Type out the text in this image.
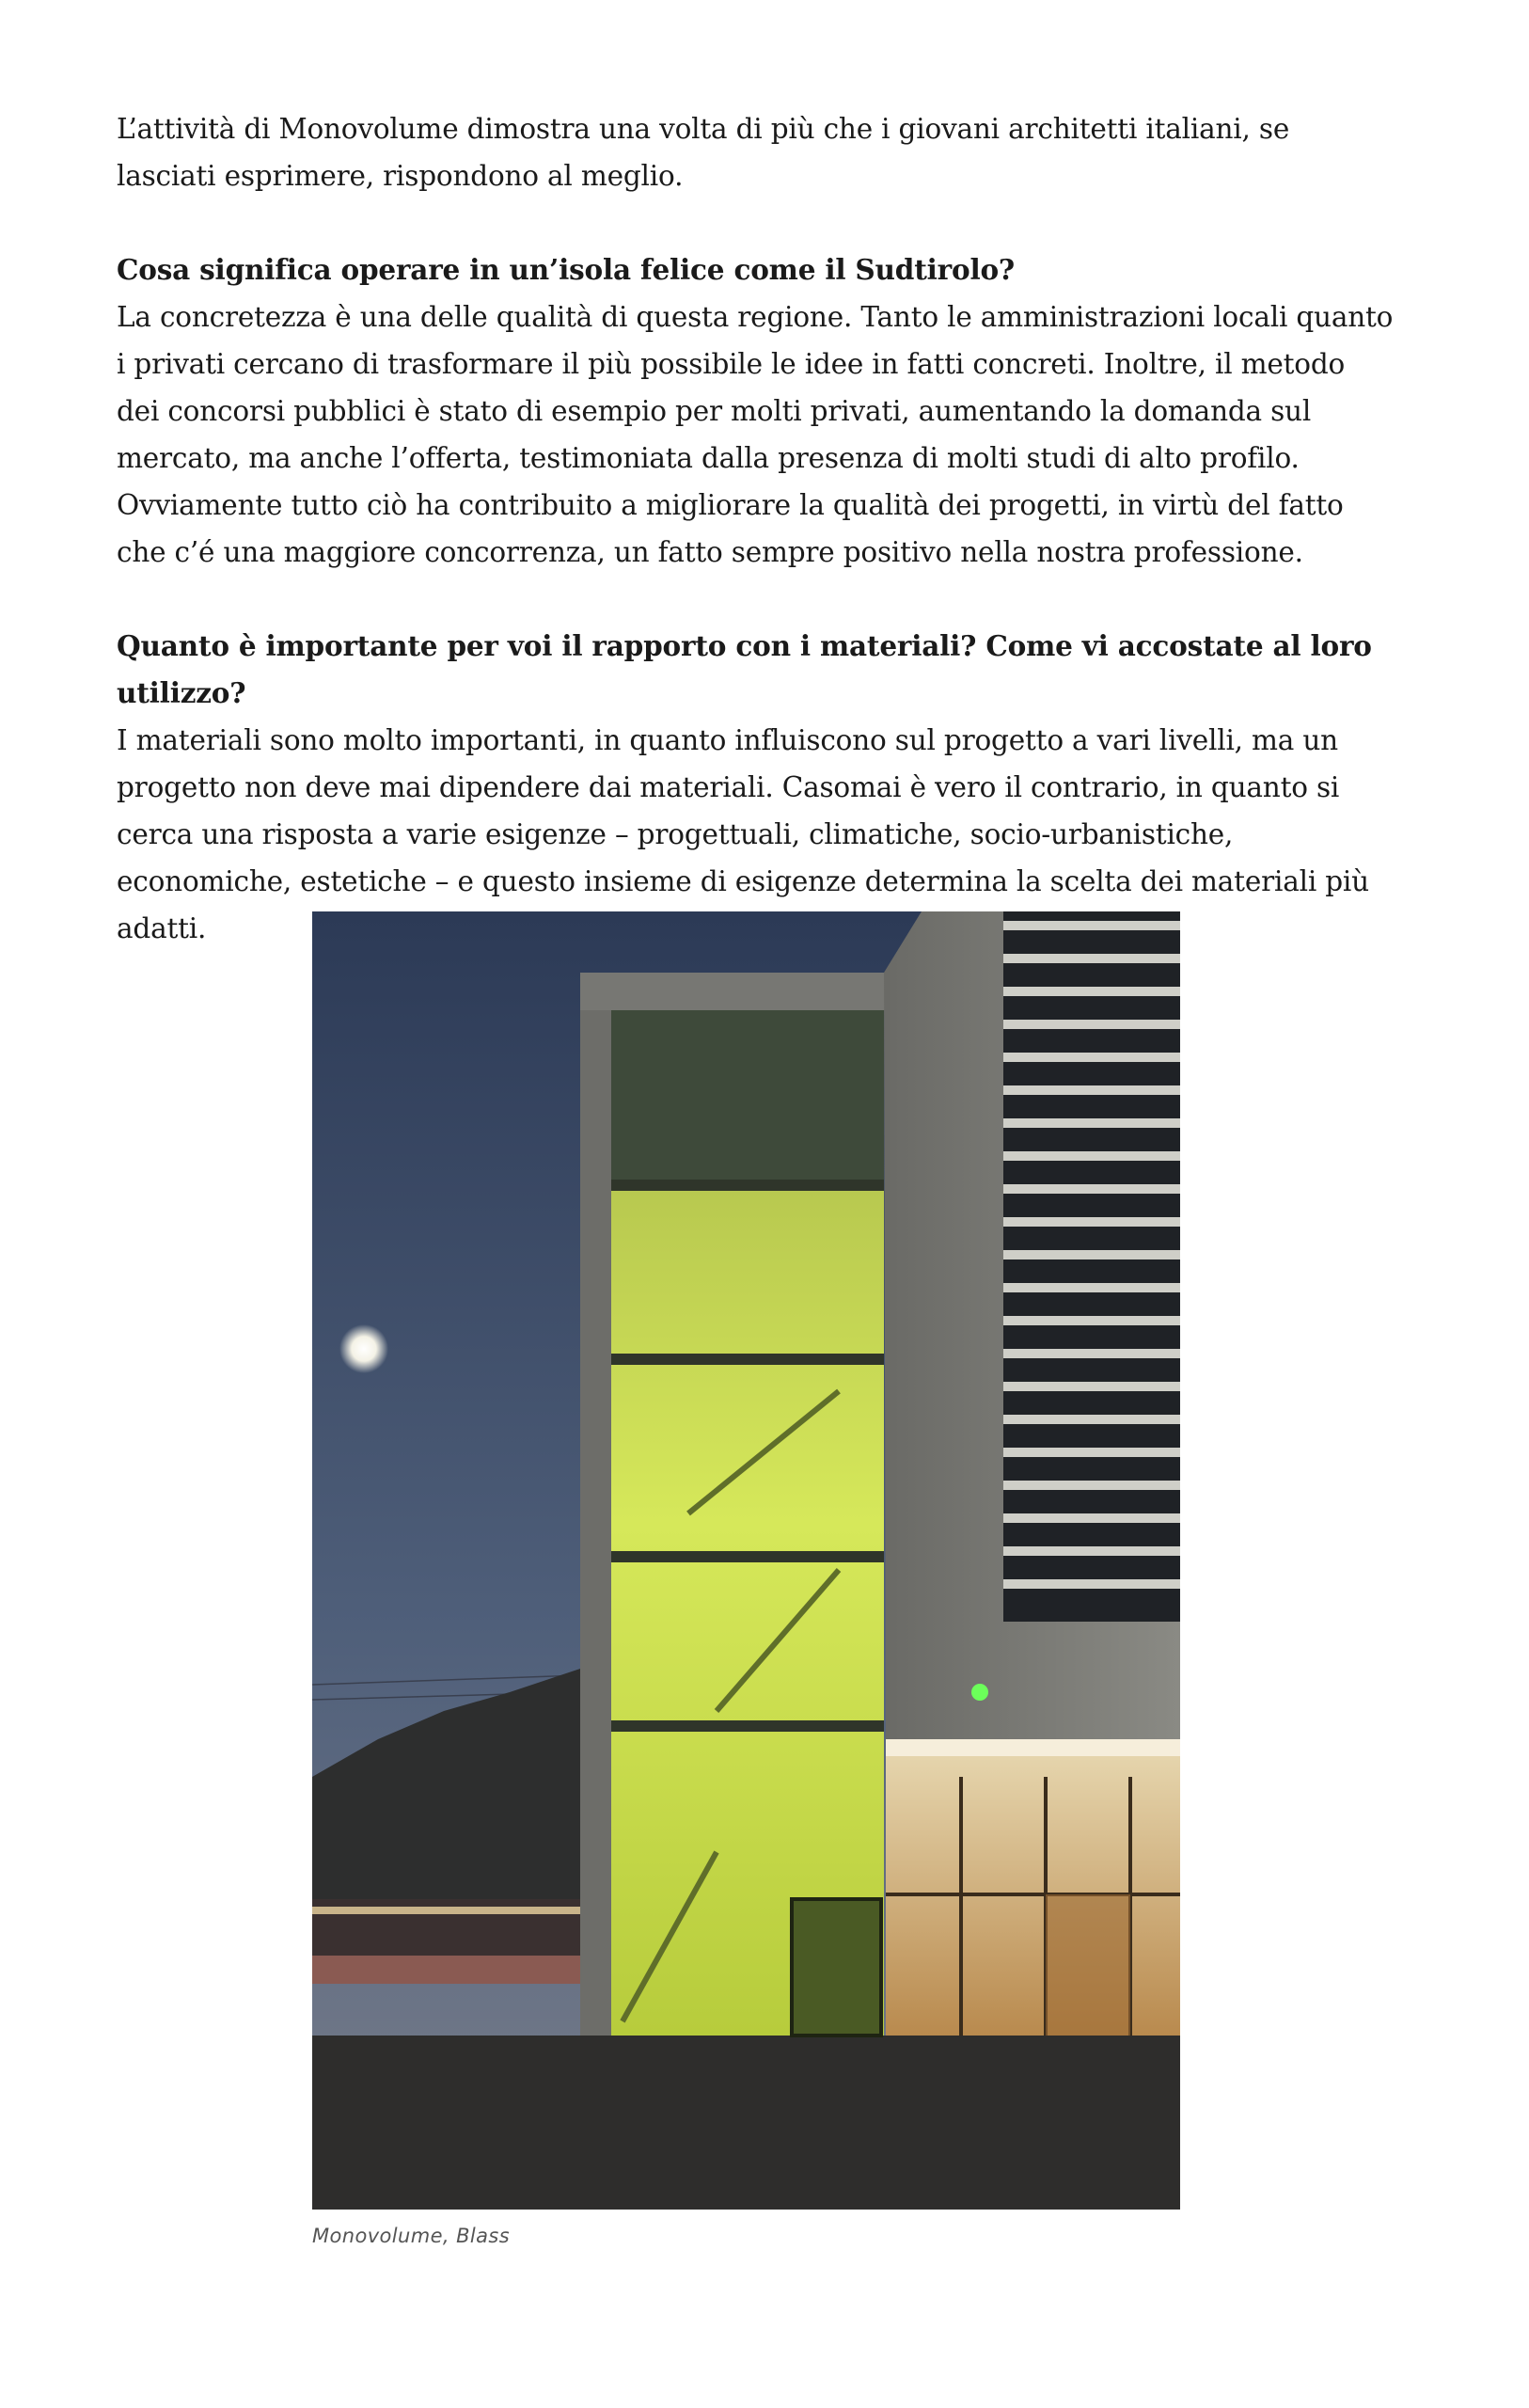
L’attività di Monovolume dimostra una volta di più che i giovani architetti italiani, se lasciati esprimere, rispondono al meglio.

Cosa significa operare in un’isola felice come il Sudtirolo?

La concretezza è una delle qualità di questa regione. Tanto le amministrazioni locali quanto i privati cercano di trasformare il più possibile le idee in fatti concreti. Inoltre, il metodo dei concorsi pubblici è stato di esempio per molti privati, aumentando la domanda sul mercato, ma anche l’offerta, testimoniata dalla presenza di molti studi di alto profilo. Ovviamente tutto ciò ha contribuito a migliorare la qualità dei progetti, in virtù del fatto che c’é una maggiore concorrenza, un fatto sempre positivo nella nostra professione.

Quanto è importante per voi il rapporto con i materiali? Come vi accostate al loro utilizzo?

I materiali sono molto importanti, in quanto influiscono sul progetto a vari livelli, ma un progetto non deve mai dipendere dai materiali. Casomai è vero il contrario, in quanto si cerca una risposta a varie esigenze – progettuali, climatiche, socio-urbanistiche, economiche, estetiche – e questo insieme di esigenze determina la scelta dei materiali più adatti.

Monovolume, Blass
